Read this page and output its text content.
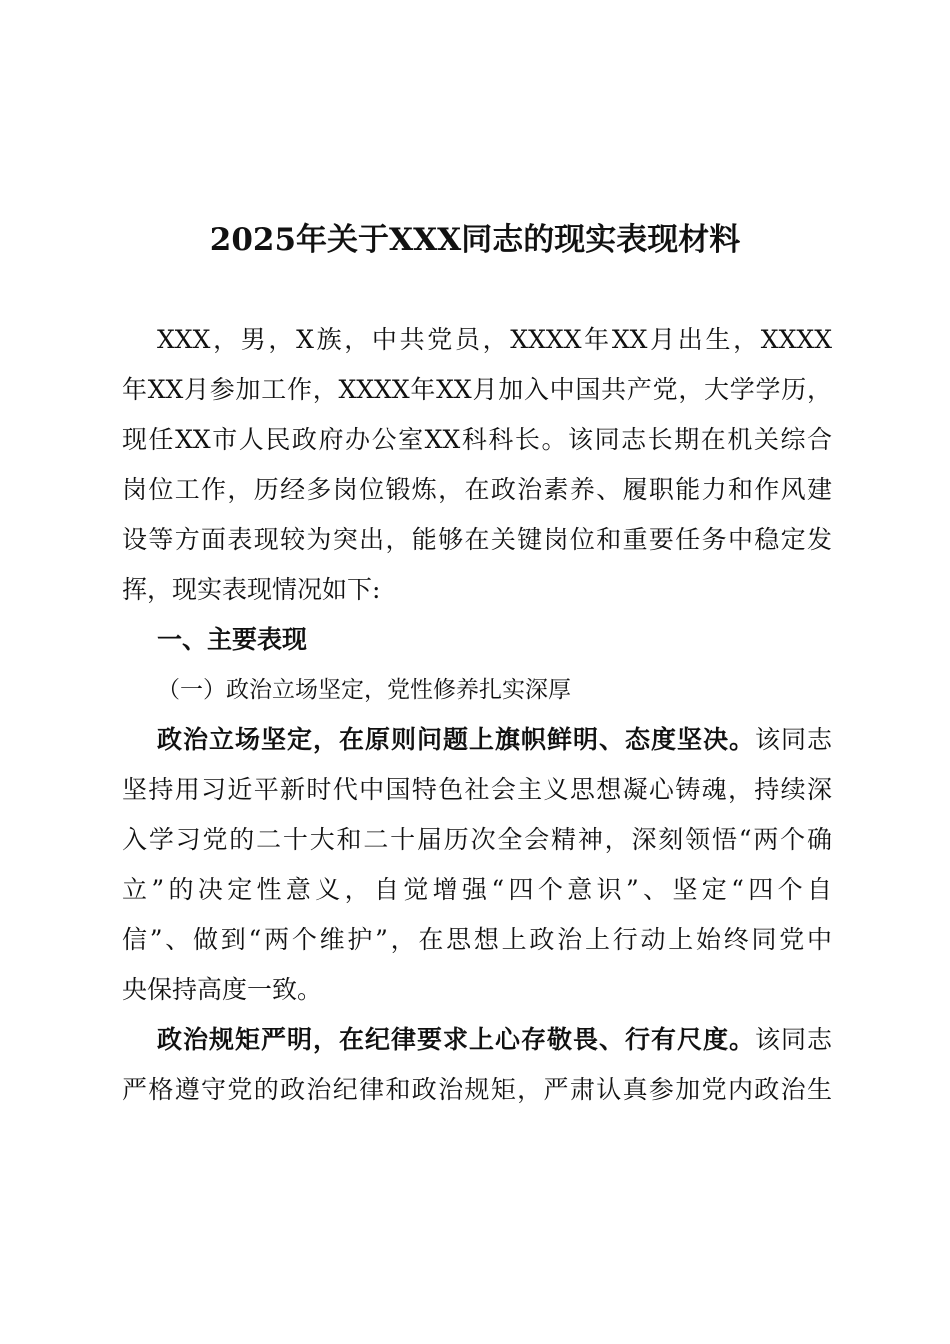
2025年关于XXX同志的现实表现材料
XXX，男，X族，中共党员，XXXX年XX月出生，XXXX
年XX月参加工作，XXXX年XX月加入中国共产党，大学学历，
现任XX市人民政府办公室XX科科长。该同志长期在机关综合
岗位工作，历经多岗位锻炼，在政治素养、履职能力和作风建
设等方面表现较为突出，能够在关键岗位和重要任务中稳定发
挥，现实表现情况如下:
一、主要表现
（一）政治立场坚定，党性修养扎实深厚
政治立场坚定，在原则问题上旗帜鲜明、态度坚决。该同志
坚持用习近平新时代中国特色社会主义思想凝心铸魂，持续深
入学习党的二十大和二十届历次全会精神，深刻领悟“两个确
立”的决定性意义，自觉增强“四个意识”、坚定“四个自
信”、做到“两个维护”，在思想上政治上行动上始终同党中
央保持高度一致。
政治规矩严明，在纪律要求上心存敬畏、行有尺度。该同志
严格遵守党的政治纪律和政治规矩，严肃认真参加党内政治生
